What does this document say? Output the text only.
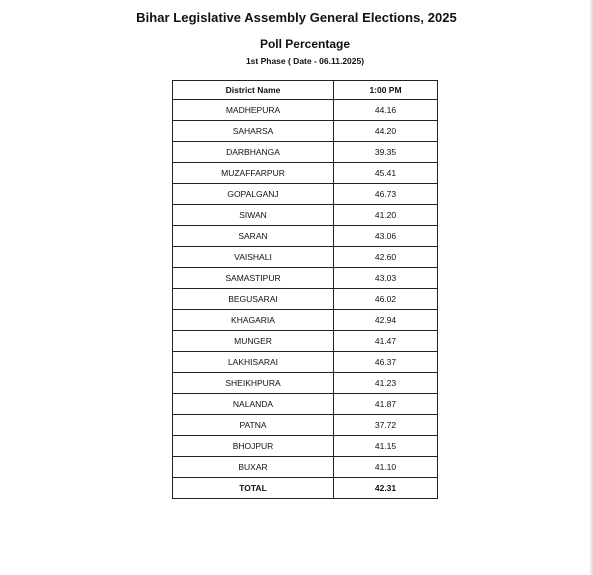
Bihar Legislative Assembly General Elections, 2025
Poll Percentage
1st Phase ( Date - 06.11.2025)
District Name	1:00 PM
MADHEPURA	44.16
SAHARSA	44.20
DARBHANGA	39.35
MUZAFFARPUR	45.41
GOPALGANJ	46.73
SIWAN	41.20
SARAN	43.06
VAISHALI	42.60
SAMASTIPUR	43.03
BEGUSARAI	46.02
KHAGARIA	42.94
MUNGER	41.47
LAKHISARAI	46.37
SHEIKHPURA	41.23
NALANDA	41.87
PATNA	37.72
BHOJPUR	41.15
BUXAR	41.10
TOTAL	42.31
